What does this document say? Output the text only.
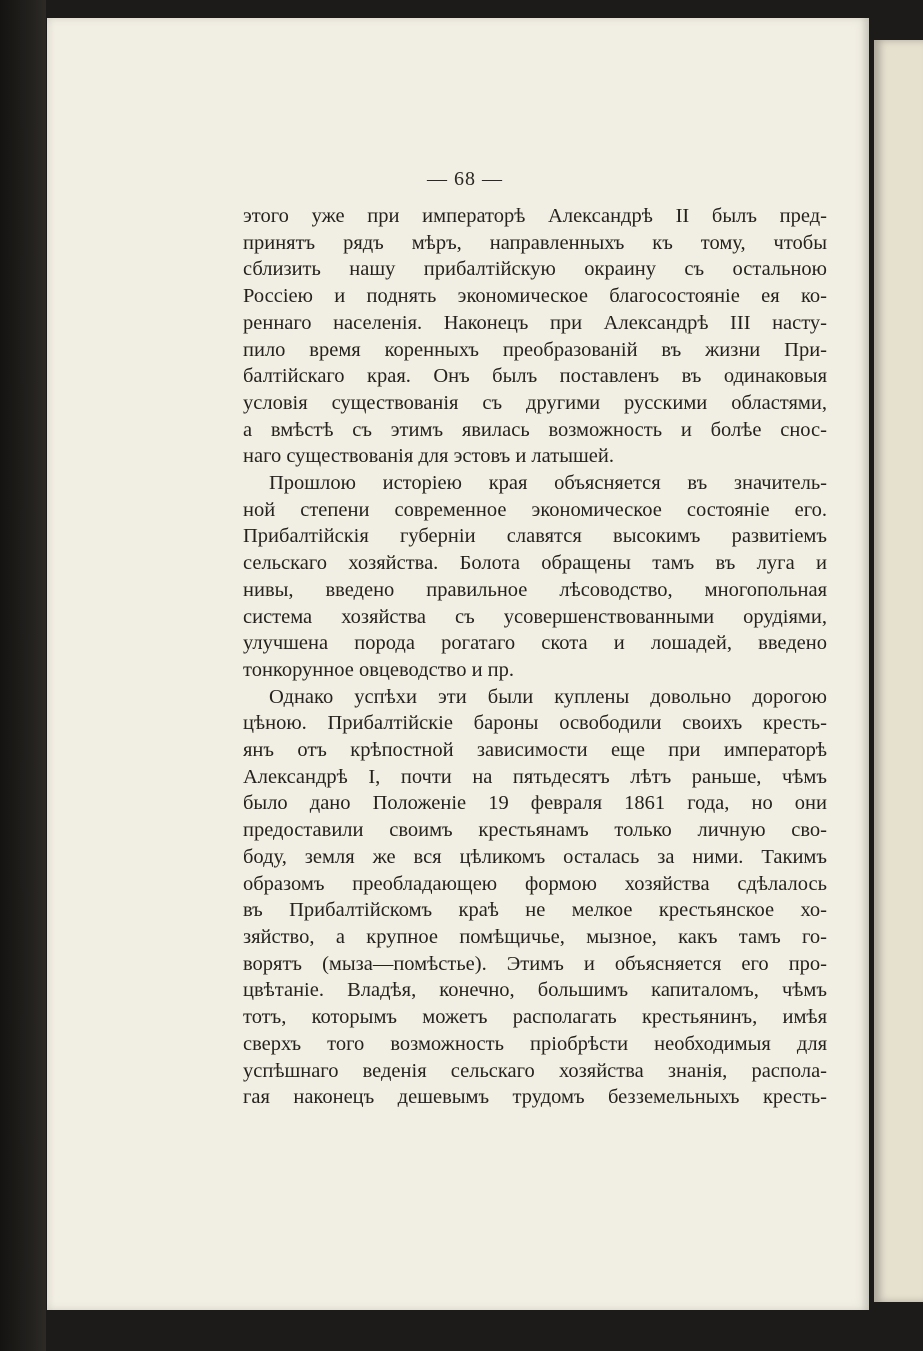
— 68 —

этого уже при императорѣ Александрѣ II былъ пред-
принятъ рядъ мѣръ, направленныхъ къ тому, чтобы
сблизить нашу прибалтійскую окраину съ остальною
Россіею и поднять экономическое благосостояніе ея ко-
реннаго населенія. Наконецъ при Александрѣ III насту-
пило время коренныхъ преобразованій въ жизни При-
балтійскаго края. Онъ былъ поставленъ въ одинаковыя
условія существованія съ другими русскими областями,
а вмѣстѣ съ этимъ явилась возможность и болѣе снос-
наго существованія для эстовъ и латышей.

Прошлою исторіею края объясняется въ значитель-
ной степени современное экономическое состояніе его.
Прибалтійскія губерніи славятся высокимъ развитіемъ
сельскаго хозяйства. Болота обращены тамъ въ луга и
нивы, введено правильное лѣсоводство, многопольная
система хозяйства съ усовершенствованными орудіями,
улучшена порода рогатаго скота и лошадей, введено
тонкорунное овцеводство и пр.

Однако успѣхи эти были куплены довольно дорогою
цѣною. Прибалтійскіе бароны освободили своихъ кресть-
янъ отъ крѣпостной зависимости еще при императорѣ
Александрѣ I, почти на пятьдесятъ лѣтъ раньше, чѣмъ
было дано Положеніе 19 февраля 1861 года, но они
предоставили своимъ крестьянамъ только личную сво-
боду, земля же вся цѣликомъ осталась за ними. Такимъ
образомъ преобладающею формою хозяйства сдѣлалось
въ Прибалтійскомъ краѣ не мелкое крестьянское хо-
зяйство, а крупное помѣщичье, мызное, какъ тамъ го-
ворятъ (мыза—помѣстье). Этимъ и объясняется его про-
цвѣтаніе. Владѣя, конечно, большимъ капиталомъ, чѣмъ
тотъ, которымъ можетъ располагать крестьянинъ, имѣя
сверхъ того возможность пріобрѣсти необходимыя для
успѣшнаго веденія сельскаго хозяйства знанія, распола-
гая наконецъ дешевымъ трудомъ безземельныхъ кресть-
